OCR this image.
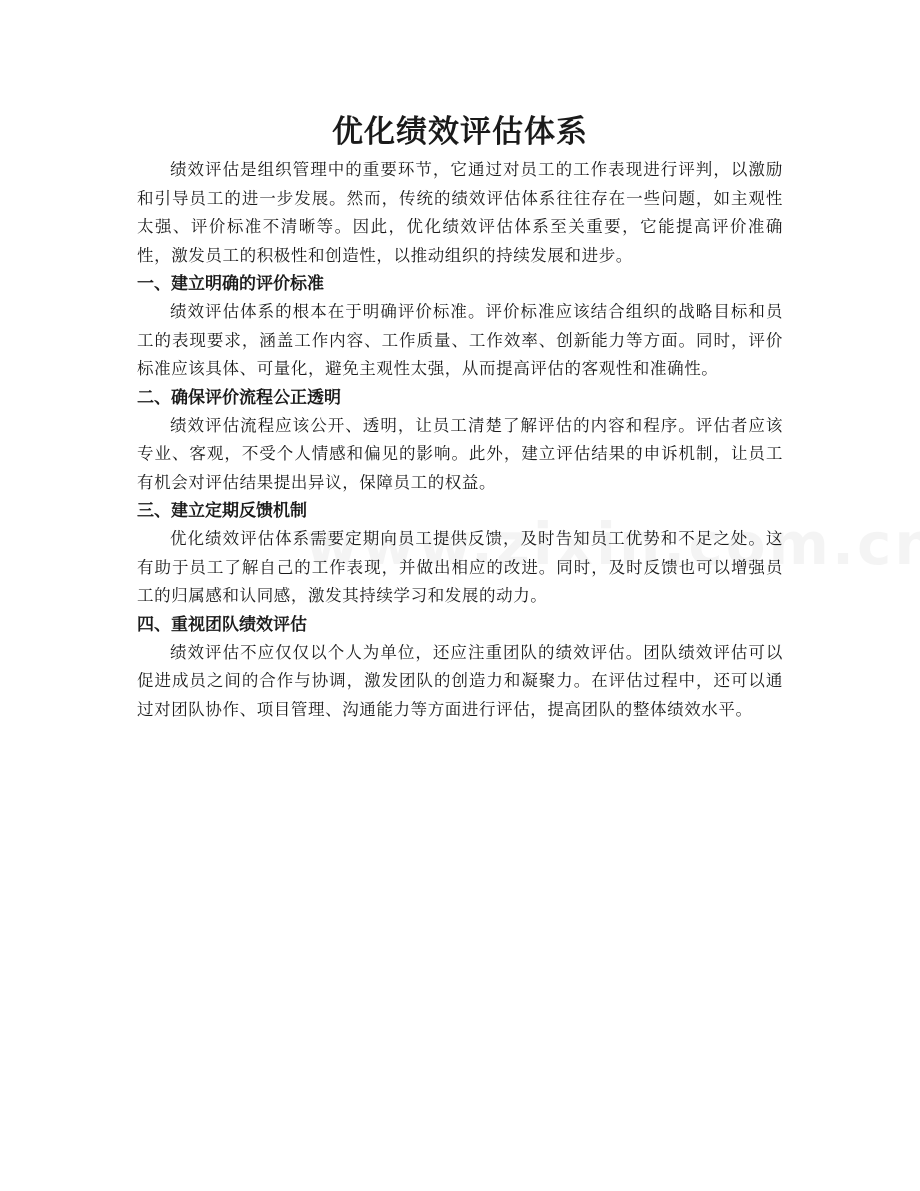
优化绩效评估体系

绩效评估是组织管理中的重要环节，它通过对员工的工作表现进行评判，以激励和引导员工的进一步发展。然而，传统的绩效评估体系往往存在一些问题，如主观性太强、评价标准不清晰等。因此，优化绩效评估体系至关重要，它能提高评价准确性，激发员工的积极性和创造性，以推动组织的持续发展和进步。

一、建立明确的评价标准

绩效评估体系的根本在于明确评价标准。评价标准应该结合组织的战略目标和员工的表现要求，涵盖工作内容、工作质量、工作效率、创新能力等方面。同时，评价标准应该具体、可量化，避免主观性太强，从而提高评估的客观性和准确性。

二、确保评价流程公正透明

绩效评估流程应该公开、透明，让员工清楚了解评估的内容和程序。评估者应该专业、客观，不受个人情感和偏见的影响。此外，建立评估结果的申诉机制，让员工有机会对评估结果提出异议，保障员工的权益。

三、建立定期反馈机制

优化绩效评估体系需要定期向员工提供反馈，及时告知员工优势和不足之处。这有助于员工了解自己的工作表现，并做出相应的改进。同时，及时反馈也可以增强员工的归属感和认同感，激发其持续学习和发展的动力。

四、重视团队绩效评估

绩效评估不应仅仅以个人为单位，还应注重团队的绩效评估。团队绩效评估可以促进成员之间的合作与协调，激发团队的创造力和凝聚力。在评估过程中，还可以通过对团队协作、项目管理、沟通能力等方面进行评估，提高团队的整体绩效水平。
